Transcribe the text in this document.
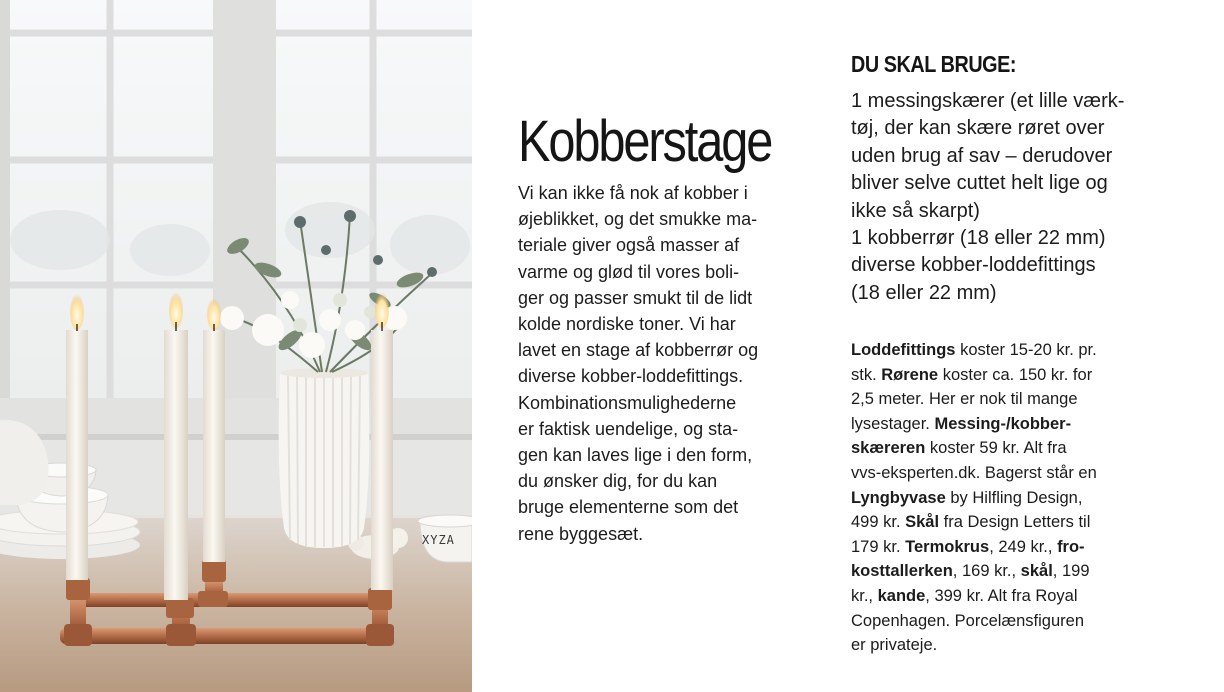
XYZA
Kobberstage
Vi kan ikke få nok af kobber i
øjeblikket, og det smukke ma-
teriale giver også masser af
varme og glød til vores boli-
ger og passer smukt til de lidt
kolde nordiske toner. Vi har
lavet en stage af kobberrør og
diverse kobber-loddefittings.
Kombinationsmulighederne
er faktisk uendelige, og sta-
gen kan laves lige i den form,
du ønsker dig, for du kan
bruge elementerne som det
rene byggesæt.
DU SKAL BRUGE:
1 messingskærer (et lille værk-
tøj, der kan skære røret over
uden brug af sav – derudover
bliver selve cuttet helt lige og
ikke så skarpt)
1 kobberrør (18 eller 22 mm)
diverse kobber-loddefittings
(18 eller 22 mm)
Loddefittings koster 15-20 kr. pr.
stk. Rørene koster ca. 150 kr. for
2,5 meter. Her er nok til mange
lysestager. Messing-/kobber-
skæreren koster 59 kr. Alt fra
vvs-eksperten.dk. Bagerst står en
Lyngbyvase by Hilfling Design,
499 kr. Skål fra Design Letters til
179 kr. Termokrus, 249 kr., fro-
kosttallerken, 169 kr., skål, 199
kr., kande, 399 kr. Alt fra Royal
Copenhagen. Porcelænsfiguren
er privateje.
